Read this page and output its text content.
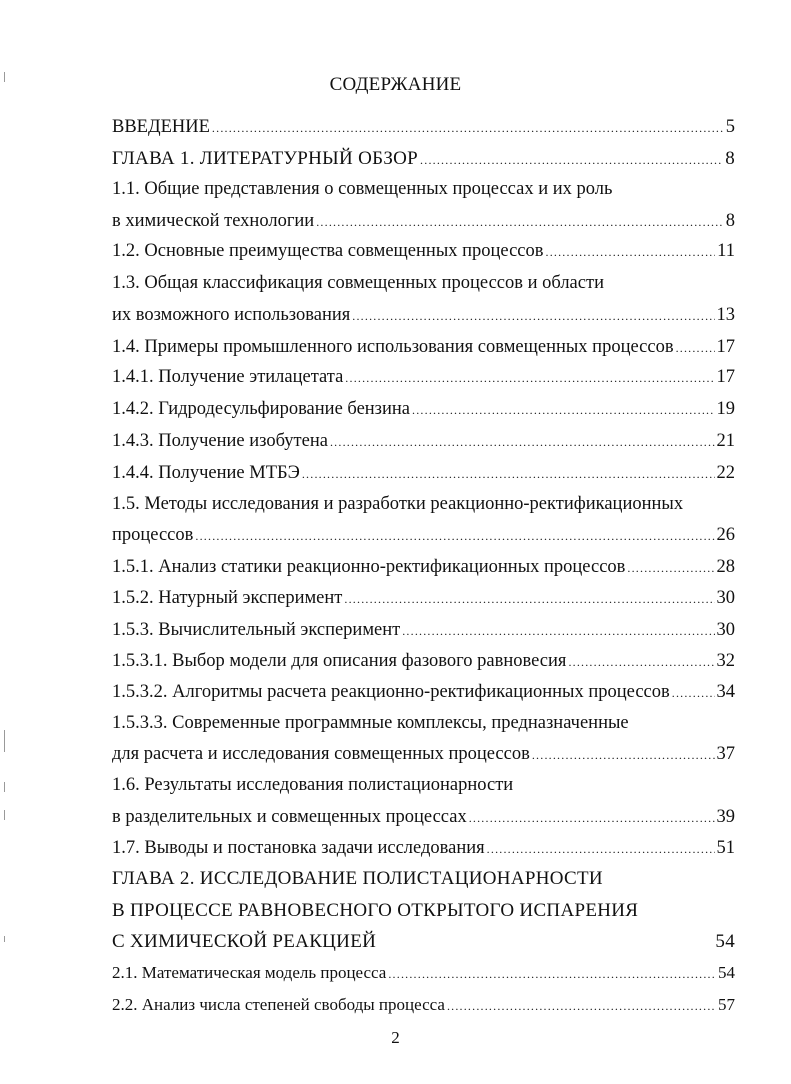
СОДЕРЖАНИЕ
ВВЕДЕНИЕ .....	5
ГЛАВА 1. ЛИТЕРАТУРНЫЙ ОБЗОР .....	8
1.1. Общие представления о совмещенных процессах и их роль
в химической технологии .....	8
1.2. Основные преимущества совмещенных процессов .....	11
1.3. Общая классификация совмещенных процессов и области
их возможного использования .....	13
1.4. Примеры промышленного использования совмещенных процессов ..... 17
1.4.1. Получение этилацетата .....	17
1.4.2. Гидродесульфирование бензина .....	19
1.4.3. Получение изобутена .....	21
1.4.4. Получение МТБЭ .....	22
1.5. Методы исследования и разработки реакционно-ректификационных
процессов .....	26
1.5.1. Анализ статики реакционно-ректификационных процессов .....	28
1.5.2. Натурный эксперимент .....	30
1.5.3. Вычислительный эксперимент .....	30
1.5.3.1. Выбор модели для описания фазового равновесия .....	32
1.5.3.2. Алгоритмы расчета реакционно-ректификационных процессов .....	34
1.5.3.3. Современные программные комплексы, предназначенные
для расчета и исследования совмещенных процессов .....	37
1.6. Результаты исследования полистационарности
в разделительных и совмещенных процессах .....	39
1.7. Выводы и постановка задачи исследования .....	51
ГЛАВА 2. ИССЛЕДОВАНИЕ ПОЛИСТАЦИОНАРНОСТИ
В ПРОЦЕССЕ РАВНОВЕСНОГО ОТКРЫТОГО ИСПАРЕНИЯ
С ХИМИЧЕСКОЙ РЕАКЦИЕЙ	54
2.1. Математическая модель процесса .....	54
2.2. Анализ числа степеней свободы процесса .....	57
2
